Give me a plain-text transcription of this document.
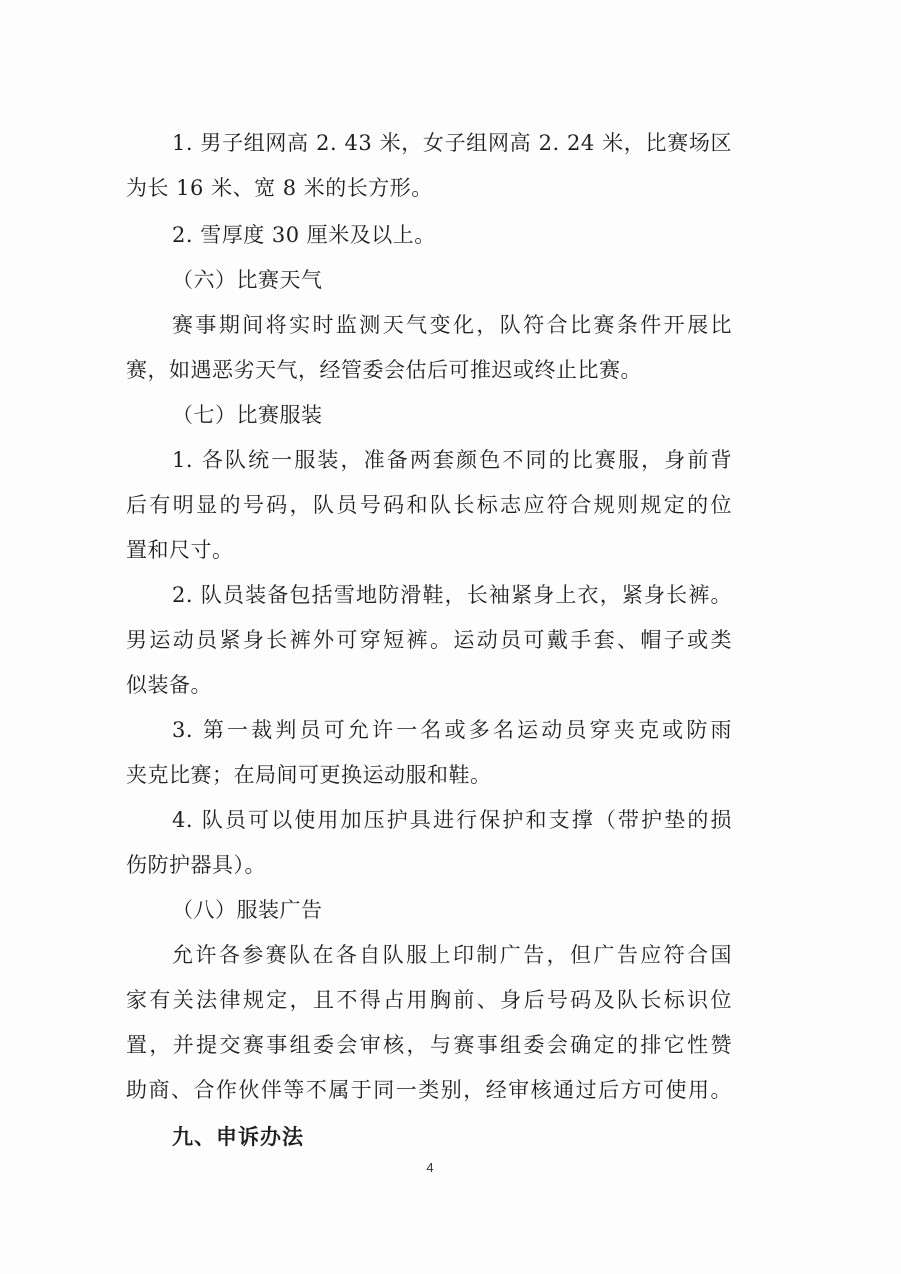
1. 男子组网高 2. 43 米，女子组网高 2. 24 米，比赛场区
为长 16 米、宽 8 米的长方形。
2. 雪厚度 30 厘米及以上。
（六）比赛天气
赛事期间将实时监测天气变化，队符合比赛条件开展比
赛，如遇恶劣天气，经管委会估后可推迟或终止比赛。
（七）比赛服装
1. 各队统一服装，准备两套颜色不同的比赛服，身前背
后有明显的号码，队员号码和队长标志应符合规则规定的位
置和尺寸。
2. 队员装备包括雪地防滑鞋，长袖紧身上衣，紧身长裤。
男运动员紧身长裤外可穿短裤。运动员可戴手套、帽子或类
似装备。
3. 第一裁判员可允许一名或多名运动员穿夹克或防雨
夹克比赛；在局间可更换运动服和鞋。
4. 队员可以使用加压护具进行保护和支撑（带护垫的损
伤防护器具）。
（八）服装广告
允许各参赛队在各自队服上印制广告，但广告应符合国
家有关法律规定，且不得占用胸前、身后号码及队长标识位
置，并提交赛事组委会审核，与赛事组委会确定的排它性赞
助商、合作伙伴等不属于同一类别，经审核通过后方可使用。
九、申诉办法
4
